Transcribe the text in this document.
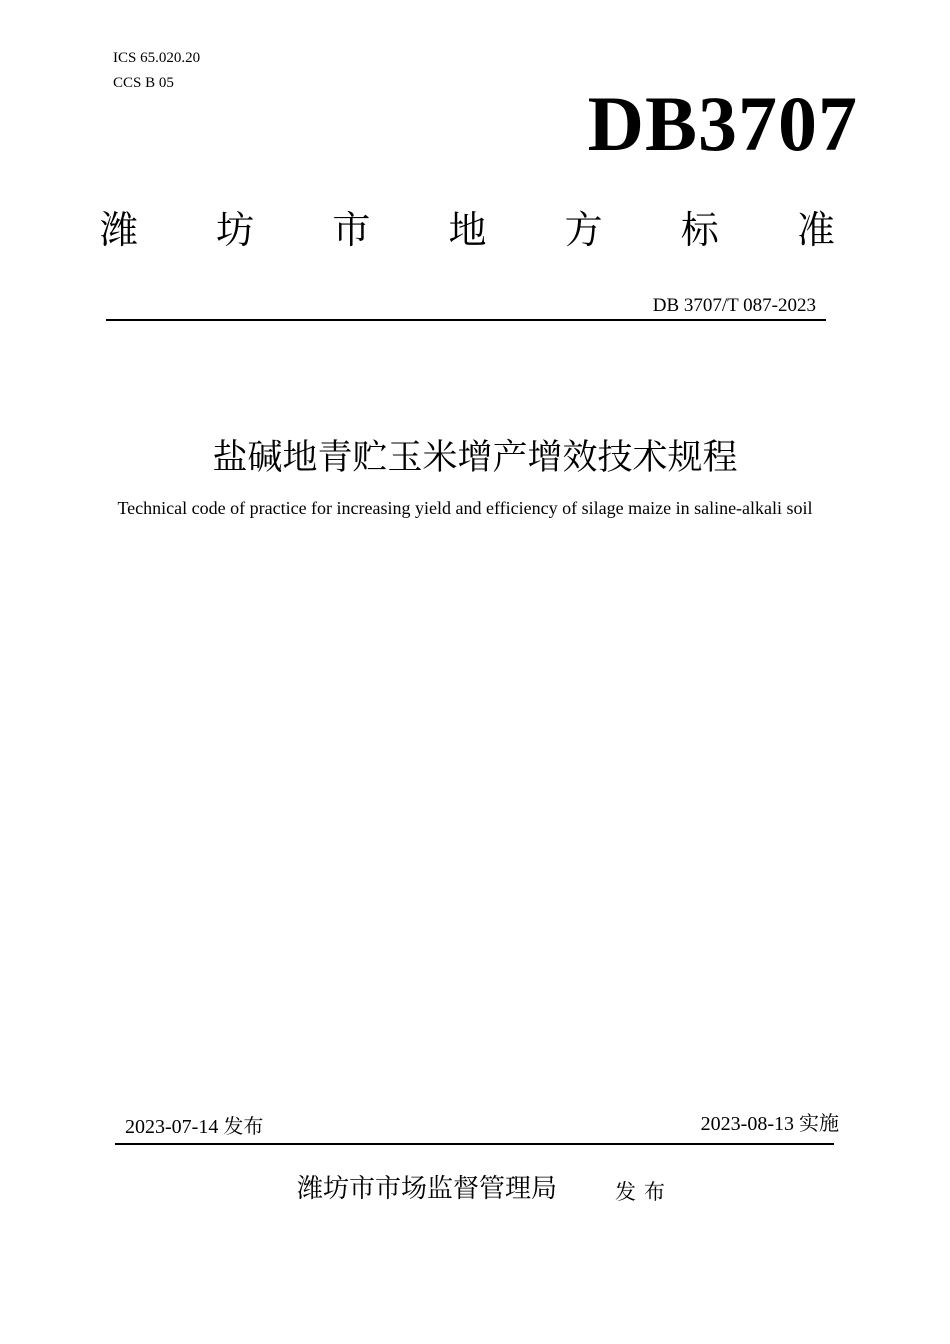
ICS 65.020.20
CCS B 05	DB3707
潍 坊 市 地 方 标 准
DB 3707/T 087-2023
盐碱地青贮玉米增产增效技术规程
Technical code of practice for increasing yield and efficiency of silage maize in saline-alkali soil
2023-07-14 发布	2023-08-13 实施
潍坊市市场监督管理局	发布
